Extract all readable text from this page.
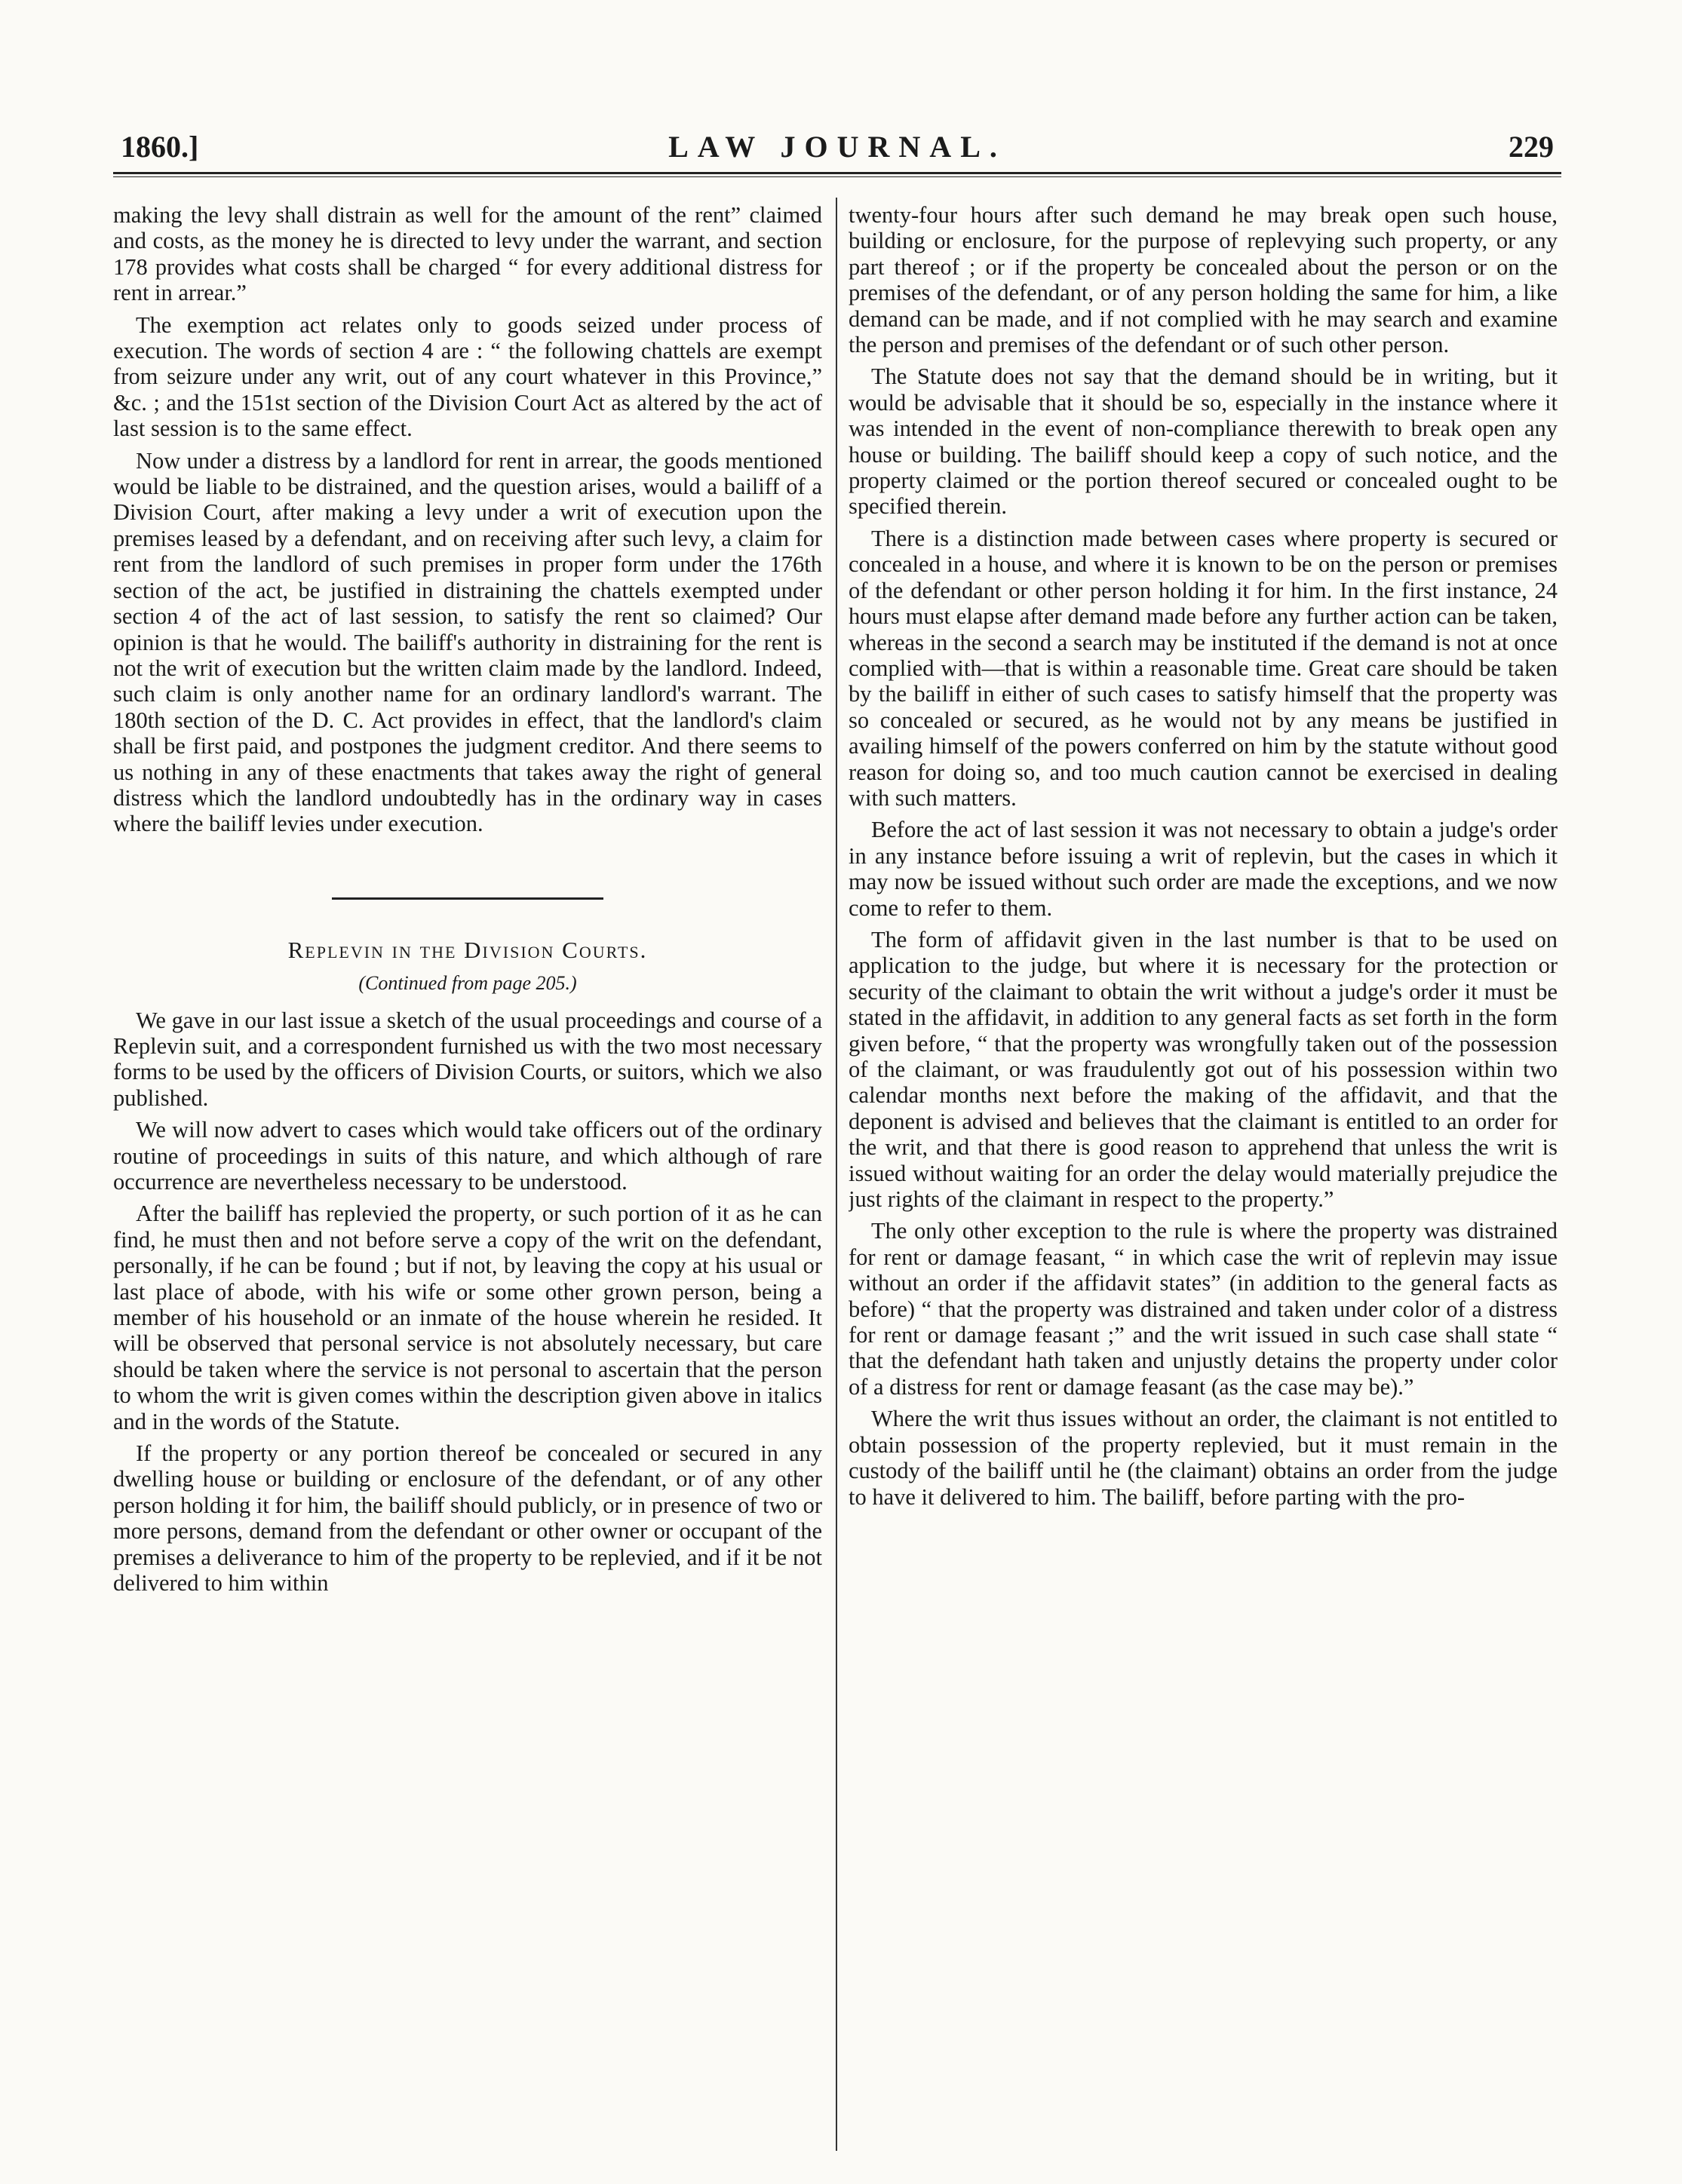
1860.]	LAW JOURNAL.	229

making the levy shall distrain as well for the amount of the rent” claimed and costs, as the money he is directed to levy under the warrant, and section 178 provides what costs shall be charged “ for every additional distress for rent in arrear.”

The exemption act relates only to goods seized under process of execution. The words of section 4 are : “ the following chattels are exempt from seizure under any writ, out of any court whatever in this Province,” &c. ; and the 151st section of the Division Court Act as altered by the act of last session is to the same effect.

Now under a distress by a landlord for rent in arrear, the goods mentioned would be liable to be distrained, and the question arises, would a bailiff of a Division Court, after making a levy under a writ of execution upon the premises leased by a defendant, and on receiving after such levy, a claim for rent from the landlord of such premises in proper form under the 176th section of the act, be justified in distraining the chattels exempted under section 4 of the act of last session, to satisfy the rent so claimed? Our opinion is that he would. The bailiff's authority in distraining for the rent is not the writ of execution but the written claim made by the landlord. Indeed, such claim is only another name for an ordinary landlord's warrant. The 180th section of the D. C. Act provides in effect, that the landlord's claim shall be first paid, and postpones the judgment creditor. And there seems to us nothing in any of these enactments that takes away the right of general distress which the landlord undoubtedly has in the ordinary way in cases where the bailiff levies under execution.

Replevin in the Division Courts.
(Continued from page 205.)

We gave in our last issue a sketch of the usual proceedings and course of a Replevin suit, and a correspondent furnished us with the two most necessary forms to be used by the officers of Division Courts, or suitors, which we also published.

We will now advert to cases which would take officers out of the ordinary routine of proceedings in suits of this nature, and which although of rare occurrence are nevertheless necessary to be understood.

After the bailiff has replevied the property, or such portion of it as he can find, he must then and not before serve a copy of the writ on the defendant, personally, if he can be found ; but if not, by leaving the copy at his usual or last place of abode, with his wife or some other grown person, being a member of his household or an inmate of the house wherein he resided. It will be observed that personal service is not absolutely necessary, but care should be taken where the service is not personal to ascertain that the person to whom the writ is given comes within the description given above in italics and in the words of the Statute.

If the property or any portion thereof be concealed or secured in any dwelling house or building or enclosure of the defendant, or of any other person holding it for him, the bailiff should publicly, or in presence of two or more persons, demand from the defendant or other owner or occupant of the premises a deliverance to him of the property to be replevied, and if it be not delivered to him within

twenty-four hours after such demand he may break open such house, building or enclosure, for the purpose of replevying such property, or any part thereof ; or if the property be concealed about the person or on the premises of the defendant, or of any person holding the same for him, a like demand can be made, and if not complied with he may search and examine the person and premises of the defendant or of such other person.

The Statute does not say that the demand should be in writing, but it would be advisable that it should be so, especially in the instance where it was intended in the event of non-compliance therewith to break open any house or building. The bailiff should keep a copy of such notice, and the property claimed or the portion thereof secured or concealed ought to be specified therein.

There is a distinction made between cases where property is secured or concealed in a house, and where it is known to be on the person or premises of the defendant or other person holding it for him. In the first instance, 24 hours must elapse after demand made before any further action can be taken, whereas in the second a search may be instituted if the demand is not at once complied with—that is within a reasonable time. Great care should be taken by the bailiff in either of such cases to satisfy himself that the property was so concealed or secured, as he would not by any means be justified in availing himself of the powers conferred on him by the statute without good reason for doing so, and too much caution cannot be exercised in dealing with such matters.

Before the act of last session it was not necessary to obtain a judge's order in any instance before issuing a writ of replevin, but the cases in which it may now be issued without such order are made the exceptions, and we now come to refer to them.

The form of affidavit given in the last number is that to be used on application to the judge, but where it is necessary for the protection or security of the claimant to obtain the writ without a judge's order it must be stated in the affidavit, in addition to any general facts as set forth in the form given before, “ that the property was wrongfully taken out of the possession of the claimant, or was fraudulently got out of his possession within two calendar months next before the making of the affidavit, and that the deponent is advised and believes that the claimant is entitled to an order for the writ, and that there is good reason to apprehend that unless the writ is issued without waiting for an order the delay would materially prejudice the just rights of the claimant in respect to the property.”

The only other exception to the rule is where the property was distrained for rent or damage feasant, “ in which case the writ of replevin may issue without an order if the affidavit states” (in addition to the general facts as before) “ that the property was distrained and taken under color of a distress for rent or damage feasant ;” and the writ issued in such case shall state “ that the defendant hath taken and unjustly detains the property under color of a distress for rent or damage feasant (as the case may be).”

Where the writ thus issues without an order, the claimant is not entitled to obtain possession of the property replevied, but it must remain in the custody of the bailiff until he (the claimant) obtains an order from the judge to have it delivered to him. The bailiff, before parting with the pro-
